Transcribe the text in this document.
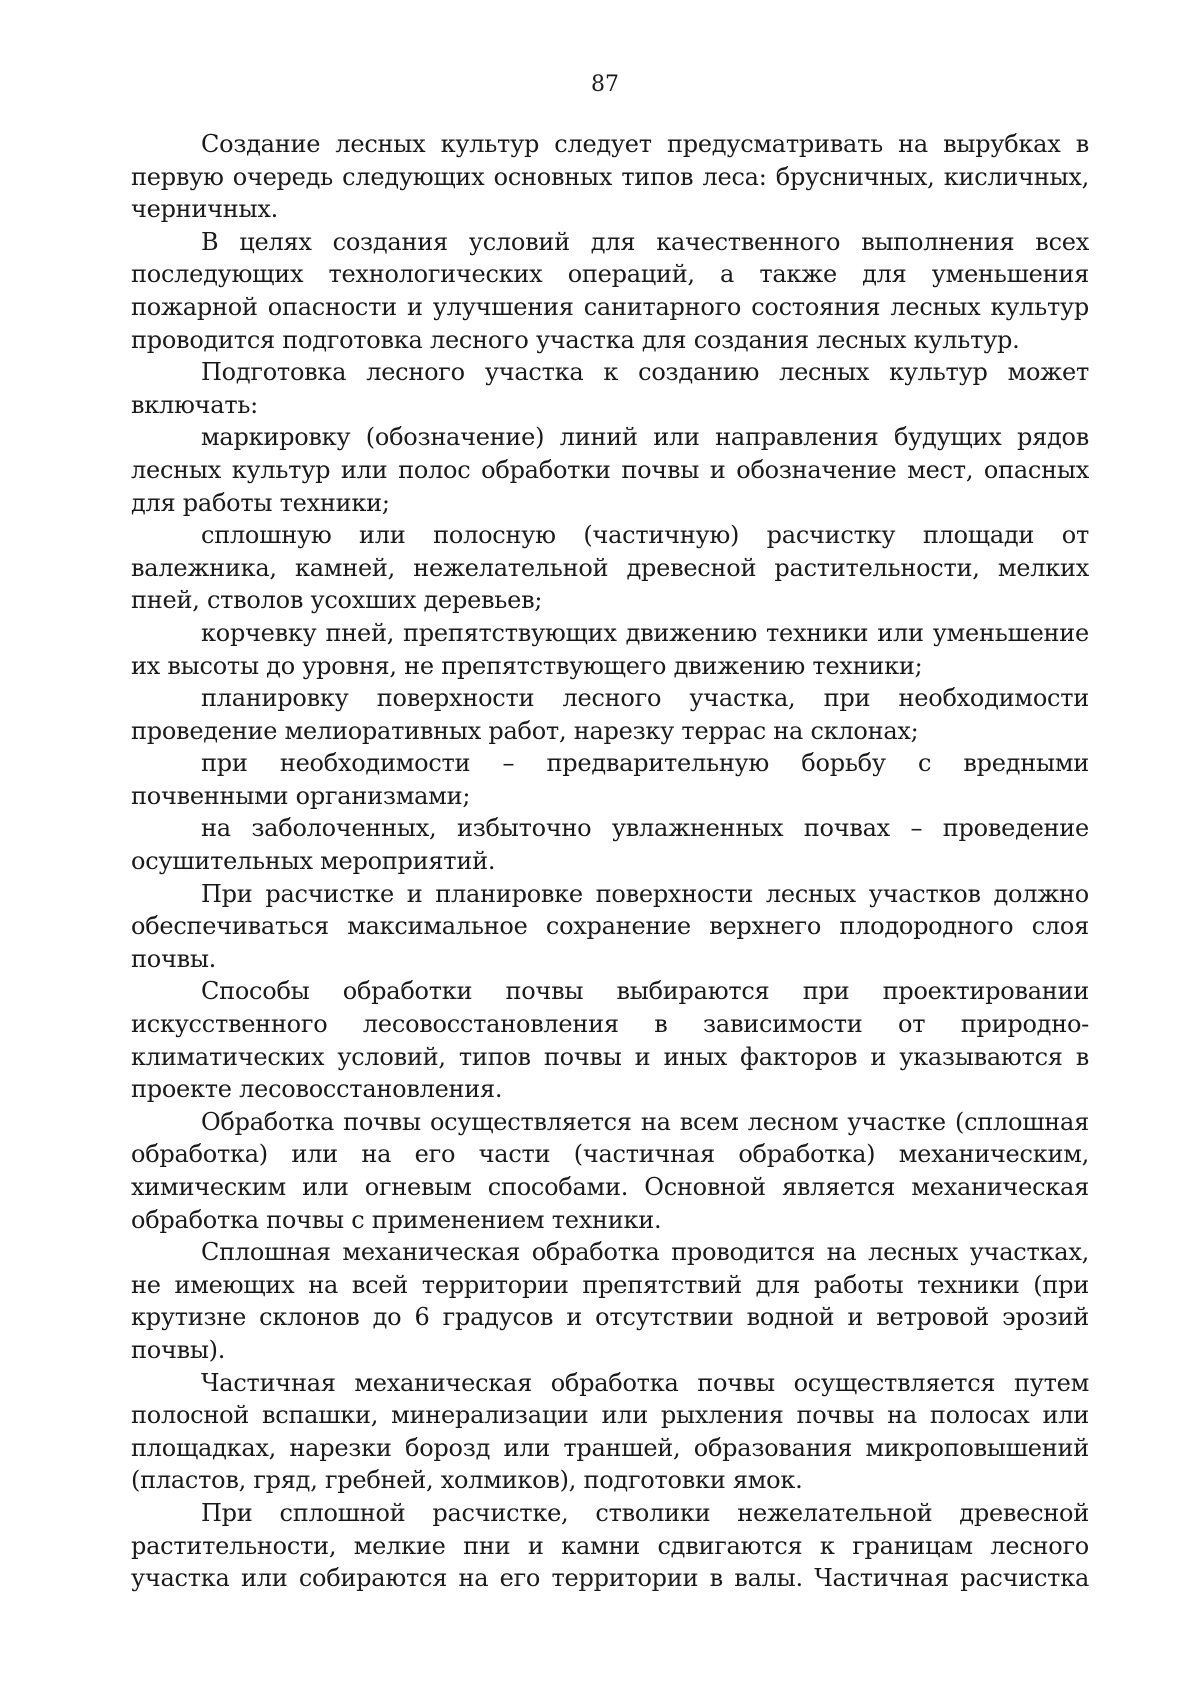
87

Создание лесных культур следует предусматривать на вырубках в первую очередь следующих основных типов леса: брусничных, кисличных, черничных.

В целях создания условий для качественного выполнения всех последующих технологических операций, а также для уменьшения пожарной опасности и улучшения санитарного состояния лесных культур проводится подготовка лесного участка для создания лесных культур.

Подготовка лесного участка к созданию лесных культур может включать:

маркировку (обозначение) линий или направления будущих рядов лесных культур или полос обработки почвы и обозначение мест, опасных для работы техники;

сплошную или полосную (частичную) расчистку площади от валежника, камней, нежелательной древесной растительности, мелких пней, стволов усохших деревьев;

корчевку пней, препятствующих движению техники или уменьшение их высоты до уровня, не препятствующего движению техники;

планировку поверхности лесного участка, при необходимости проведение мелиоративных работ, нарезку террас на склонах;

при необходимости – предварительную борьбу с вредными почвенными организмами;

на заболоченных, избыточно увлажненных почвах – проведение осушительных мероприятий.

При расчистке и планировке поверхности лесных участков должно обеспечиваться максимальное сохранение верхнего плодородного слоя почвы.

Способы обработки почвы выбираются при проектировании искусственного лесовосстановления в зависимости от природно-климатических условий, типов почвы и иных факторов и указываются в проекте лесовосстановления.

Обработка почвы осуществляется на всем лесном участке (сплошная обработка) или на его части (частичная обработка) механическим, химическим или огневым способами. Основной является механическая обработка почвы с применением техники.

Сплошная механическая обработка проводится на лесных участках, не имеющих на всей территории препятствий для работы техники (при крутизне склонов до 6 градусов и отсутствии водной и ветровой эрозий почвы).

Частичная механическая обработка почвы осуществляется путем полосной вспашки, минерализации или рыхления почвы на полосах или площадках, нарезки борозд или траншей, образования микроповышений (пластов, гряд, гребней, холмиков), подготовки ямок.

При сплошной расчистке, стволики нежелательной древесной растительности, мелкие пни и камни сдвигаются к границам лесного участка или собираются на его территории в валы. Частичная расчистка
